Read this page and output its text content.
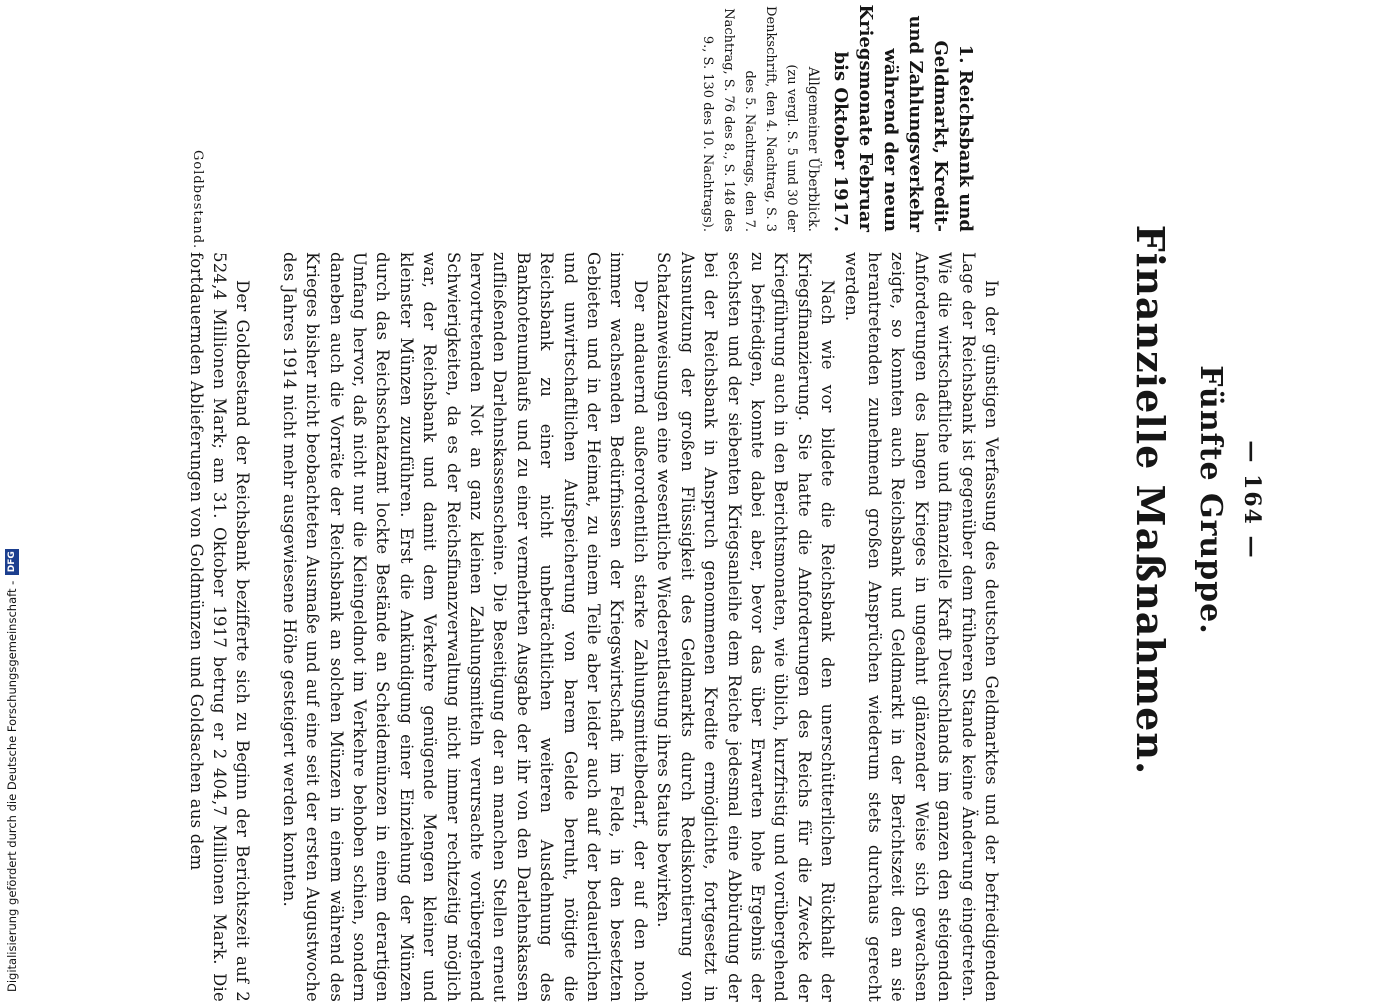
— 164 —
Fünfte Gruppe.
Finanzielle Maßnahmen.
1. Reichsbank und Geldmarkt, Kredit- und Zahlungsverkehr während der neun Kriegsmonate Februar bis Oktober 1917.
Allgemeiner Überblick.
(zu vergl. S. 5 und 30 der Denkschrift, den 4. Nachtrag, S. 3 des 5. Nachtrags, den 7. Nachtrag, S. 76 des 8., S. 148 des 9., S. 130 des 10. Nachtrags).
Goldbestand.

In der günstigen Verfassung des deutschen Geldmarktes und der befriedigenden Lage der Reichsbank ist gegenüber dem früheren Stande keine Änderung eingetreten. Wie die wirtschaftliche und finanzielle Kraft Deutschlands im ganzen den steigenden Anforderungen des langen Krieges in ungeahnt glänzender Weise sich gewachsen zeigte, so konnten auch Reichsbank und Geldmarkt in der Berichtszeit den an sie herantretenden zunehmend großen Ansprüchen wiederum stets durchaus gerecht werden.

Nach wie vor bildete die Reichsbank den unerschütterlichen Rückhalt der Kriegsfinanzierung. Sie hatte die Anforderungen des Reichs für die Zwecke der Kriegführung auch in den Berichtsmonaten, wie üblich, kurzfristig und vorübergehend zu befriedigen, konnte dabei aber, bevor das über Erwarten hohe Ergebnis der sechsten und der siebenten Kriegsanleihe dem Reiche jedesmal eine Abbürdung der bei der Reichsbank in Anspruch genommenen Kredite ermöglichte, fortgesetzt in Ausnutzung der großen Flüssigkeit des Geldmarkts durch Rediskontierung von Schatzanweisungen eine wesentliche Wiederentlastung ihres Status bewirken.

Der andauernd außerordentlich starke Zahlungsmittelbedarf, der auf den noch immer wachsenden Bedürfnissen der Kriegswirtschaft im Felde, in den besetzten Gebieten und in der Heimat, zu einem Teile aber leider auch auf der bedauerlichen und unwirtschaftlichen Aufspeicherung von barem Gelde beruht, nötigte die Reichsbank zu einer nicht unbeträchtlichen weiteren Ausdehnung des Banknotenumlaufs und zu einer vermehrten Ausgabe der ihr von den Darlehnskassen zufließenden Darlehnskassenscheine. Die Beseitigung der an manchen Stellen erneut hervortretenden Not an ganz kleinen Zahlungsmitteln verursachte vorübergehend Schwierigkeiten, da es der Reichsfinanzverwaltung nicht immer rechtzeitig möglich war, der Reichsbank und damit dem Verkehre genügende Mengen kleiner und kleinster Münzen zuzuführen. Erst die Ankündigung einer Einziehung der Münzen durch das Reichsschatzamt lockte Bestände an Scheidemünzen in einem derartigen Umfang hervor, daß nicht nur die Kleingeldnot im Verkehre behoben schien, sondern daneben auch die Vorräte der Reichsbank an solchen Münzen in einem während des Krieges bisher nicht beobachteten Ausmaße und auf eine seit der ersten Augustwoche des Jahres 1914 nicht mehr ausgewiesene Höhe gesteigert werden konnten.

Der Goldbestand der Reichsbank bezifferte sich zu Beginn der Berichtszeit auf 2 524,4 Millionen Mark; am 31. Oktober 1917 betrug er 2 404,7 Millionen Mark. Die fortdauernden Ablieferungen von Goldmünzen und Goldsachen aus dem

Digitalisierung gefördert durch die Deutsche Forschungsgemeinschaft -
DFG
